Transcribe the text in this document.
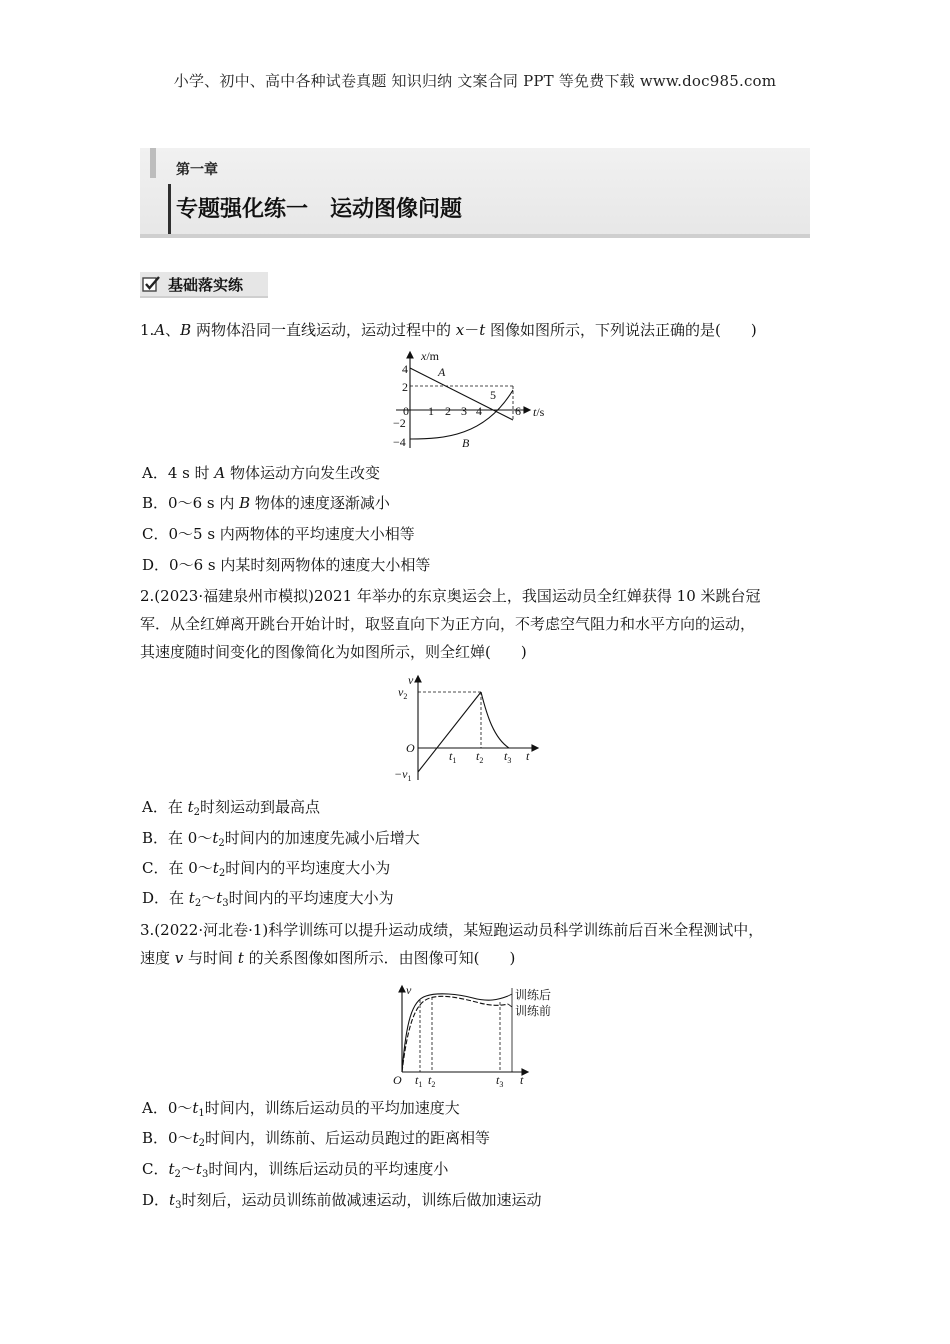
小学、初中、高中各种试卷真题 知识归纳 文案合同 PPT 等免费下载 www.doc985.com
第一章
专题强化练一　运动图像问题
基础落实练
1.A、B 两物体沿同一直线运动，运动过程中的 x－t 图像如图所示，下列说法正确的是(　　)
x/m
t/s
4
2
0
−2
−4
1 2 3 4
5
6
A
B
A．4 s 时 A 物体运动方向发生改变
B．0～6 s 内 B 物体的速度逐渐减小
C．0～5 s 内两物体的平均速度大小相等
D．0～6 s 内某时刻两物体的速度大小相等
2.(2023·福建泉州市模拟)2021 年举办的东京奥运会上，我国运动员全红婵获得 10 米跳台冠
军．从全红婵离开跳台开始计时，取竖直向下为正方向，不考虑空气阻力和水平方向的运动，
其速度随时间变化的图像简化为如图所示，则全红婵(　　)
v
$v_2$
O
$-v_1$
$t_1$ $t_2$ $t_3$ t
A．在 $t_2$时刻运动到最高点
B．在 $0\sim t_2$时间内的加速度先减小后增大
C．在 $0\sim t_2$时间内的平均速度大小为
D．在 $t_2\sim t_3$时间内的平均速度大小为
3.(2022·河北卷·1)科学训练可以提升运动成绩，某短跑运动员科学训练前后百米全程测试中，
速度 v 与时间 t 的关系图像如图所示．由图像可知(　　)
v
O
训练后
训练前
$t_1$ $t_2$	$t_3$ t
A．$0\sim t_1$时间内，训练后运动员的平均加速度大
B．$0\sim t_2$时间内，训练前、后运动员跑过的距离相等
C．$t_2\sim t_3$时间内，训练后运动员的平均速度小
D．$t_3$时刻后，运动员训练前做减速运动，训练后做加速运动
